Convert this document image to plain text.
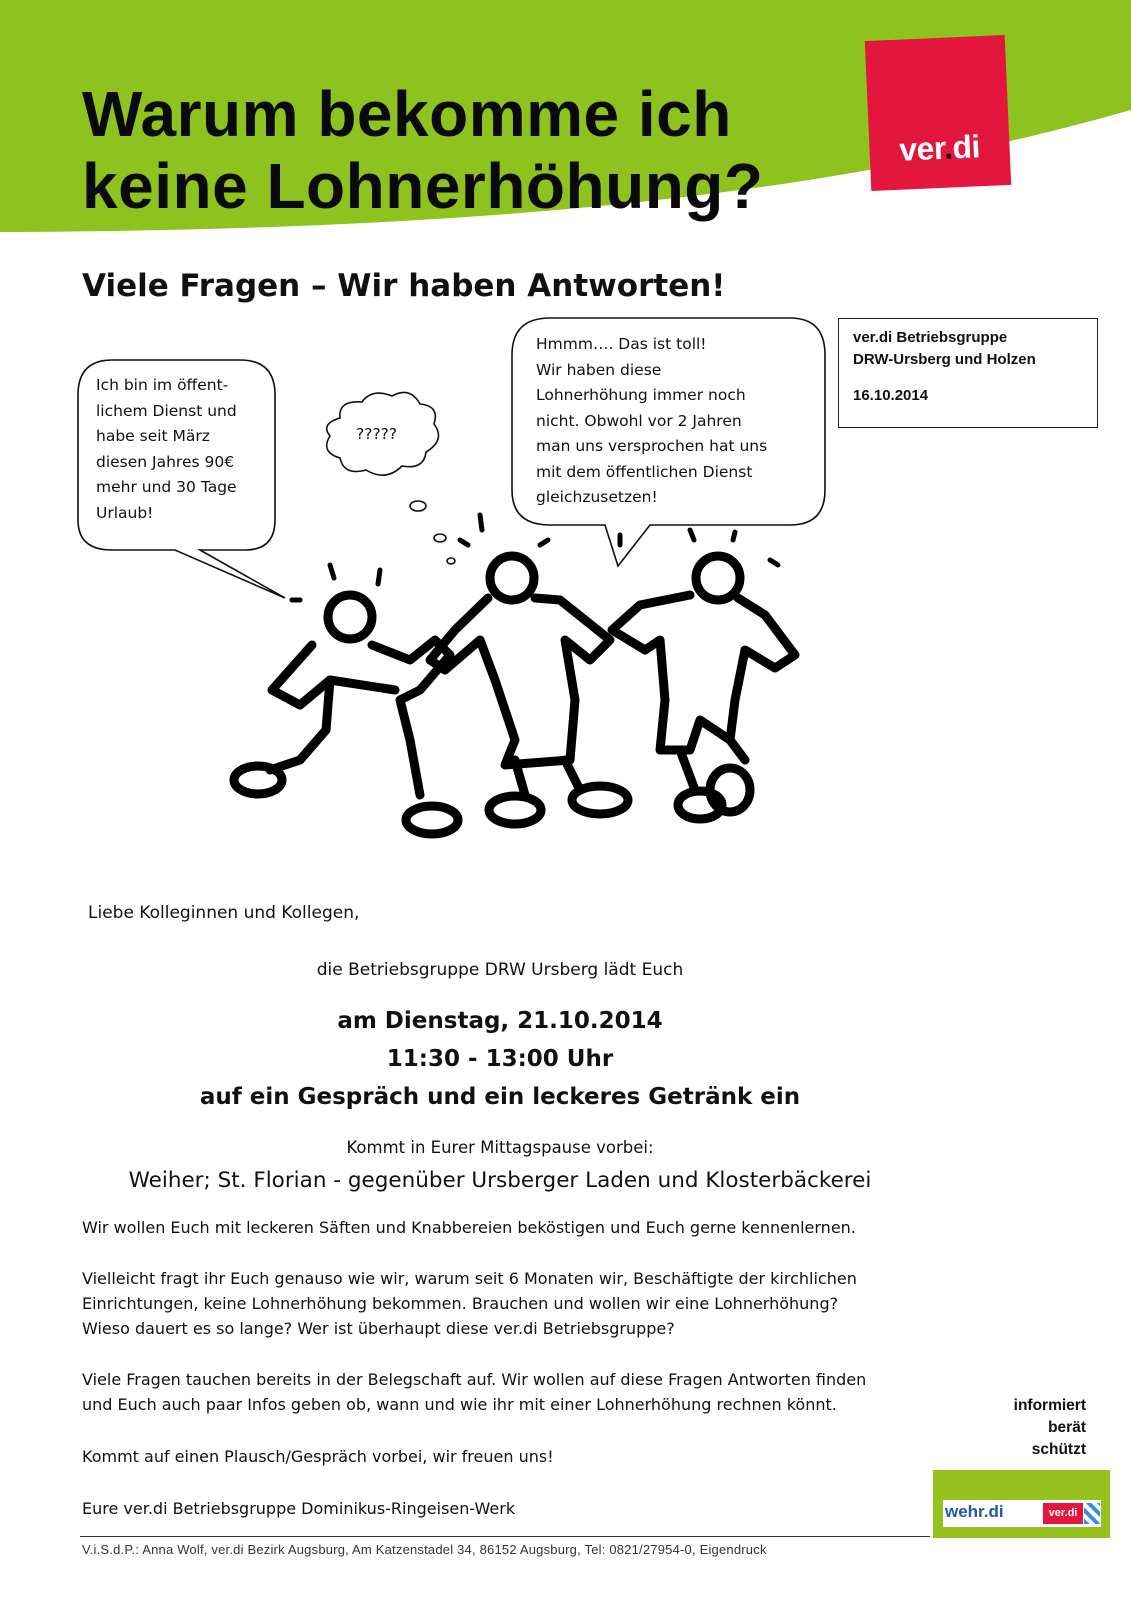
Warum bekomme ich
keine Lohnerhöhung?
ver.di
Viele Fragen – Wir haben Antworten!
ver.di Betriebsgruppe
DRW-Ursberg und Holzen
16.10.2014
Ich bin im öffent-
lichem Dienst und
habe seit März
diesen Jahres 90€
mehr und 30 Tage
Urlaub!
?????
Hmmm…. Das ist toll!
Wir haben diese
Lohnerhöhung immer noch
nicht. Obwohl vor 2 Jahren
man uns versprochen hat uns
mit dem öffentlichen Dienst
gleichzusetzen!
Liebe Kolleginnen und Kollegen,
die Betriebsgruppe DRW Ursberg lädt Euch
am Dienstag, 21.10.2014
11:30 - 13:00 Uhr
auf ein Gespräch und ein leckeres Getränk ein
Kommt in Eurer Mittagspause vorbei:
Weiher; St. Florian - gegenüber Ursberger Laden und Klosterbäckerei
Wir wollen Euch mit leckeren Säften und Knabbereien beköstigen und Euch gerne kennenlernen.
Vielleicht fragt ihr Euch genauso wie wir, warum seit 6 Monaten wir, Beschäftigte der kirchlichen
Einrichtungen, keine Lohnerhöhung bekommen. Brauchen und wollen wir eine Lohnerhöhung?
Wieso dauert es so lange? Wer ist überhaupt diese ver.di Betriebsgruppe?
Viele Fragen tauchen bereits in der Belegschaft auf. Wir wollen auf diese Fragen Antworten finden
und Euch auch paar Infos geben ob, wann und wie ihr mit einer Lohnerhöhung rechnen könnt.
Kommt auf einen Plausch/Gespräch vorbei, wir freuen uns!
Eure ver.di Betriebsgruppe Dominikus-Ringeisen-Werk
informiert
berät
schützt
wehr.di	ver.di
V.i.S.d.P.: Anna Wolf, ver.di Bezirk Augsburg, Am Katzenstadel 34, 86152 Augsburg, Tel: 0821/27954-0, Eigendruck
